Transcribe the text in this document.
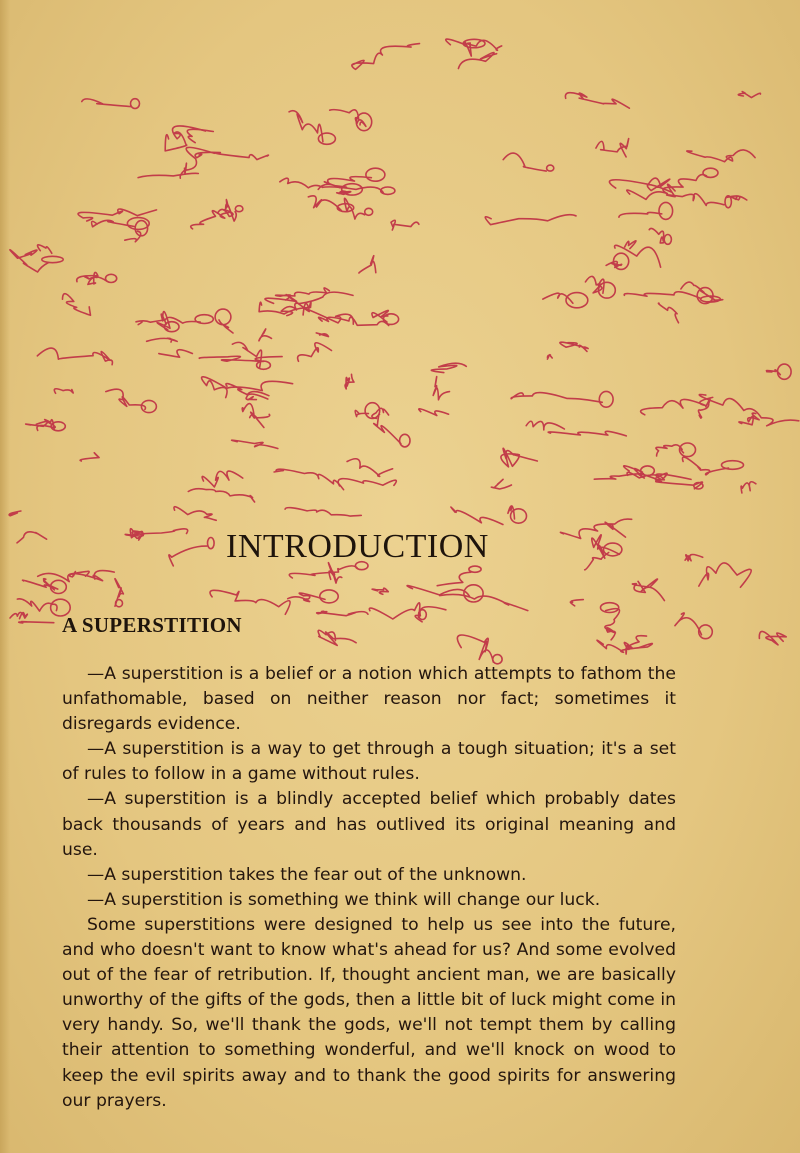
INTRODUCTION
A SUPERSTITION

—A superstition is a belief or a notion which attempts to fathom the unfathomable, based on neither reason nor fact; sometimes it disregards evidence.

—A superstition is a way to get through a tough situation; it's a set of rules to follow in a game without rules.

—A superstition is a blindly accepted belief which probably dates back thousands of years and has outlived its original meaning and use.

—A superstition takes the fear out of the unknown.

—A superstition is something we think will change our luck.

Some superstitions were designed to help us see into the future, and who doesn't want to know what's ahead for us? And some evolved out of the fear of retribution. If, thought ancient man, we are basically unworthy of the gifts of the gods, then a little bit of luck might come in very handy. So, we'll thank the gods, we'll not tempt them by calling their attention to something wonderful, and we'll knock on wood to keep the evil spirits away and to thank the good spirits for answering our prayers.
